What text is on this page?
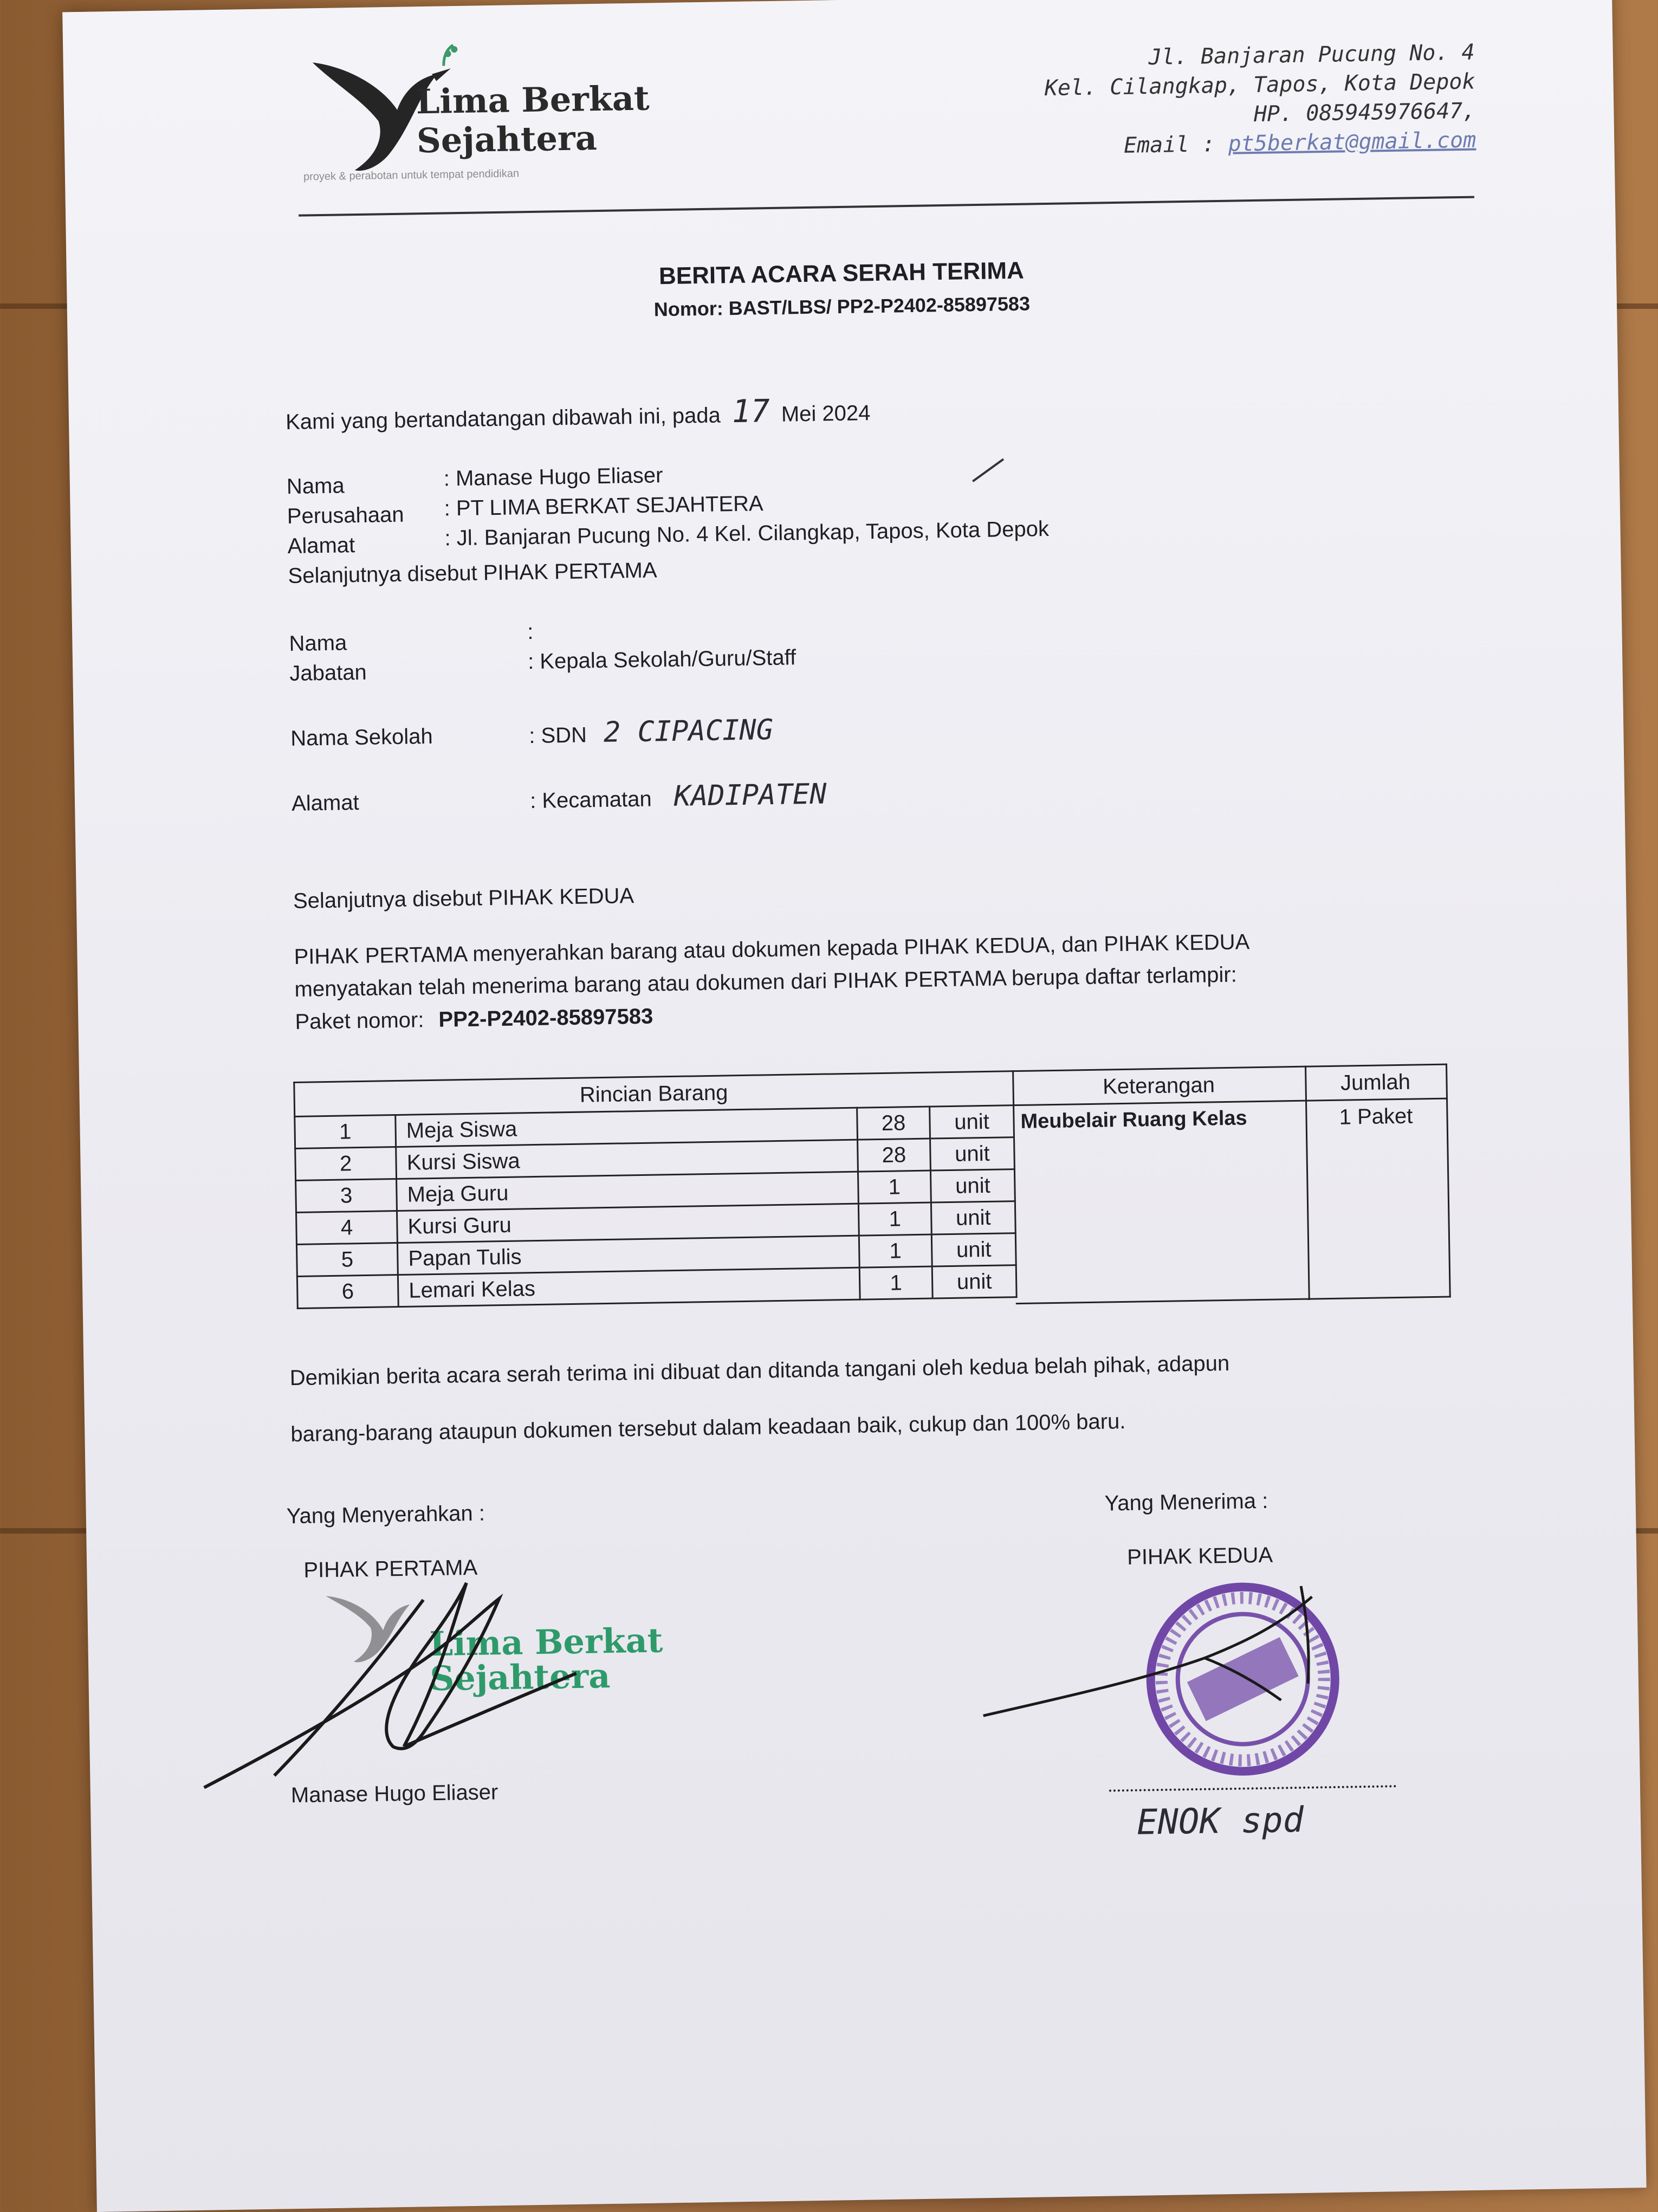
Lima Berkat
Sejahtera
proyek & perabotan untuk tempat pendidikan
Jl. Banjaran Pucung No. 4
Kel. Cilangkap, Tapos, Kota Depok
HP. 085945976647,
Email : pt5berkat@gmail.com
BERITA ACARA SERAH TERIMA
Nomor: BAST/LBS/ PP2-P2402-85897583
Kami yang bertandatangan dibawah ini, pada 17 Mei 2024
Nama	: Manase Hugo Eliaser
Perusahaan : PT LIMA BERKAT SEJAHTERA
Alamat	: Jl. Banjaran Pucung No. 4 Kel. Cilangkap, Tapos, Kota Depok
Selanjutnya disebut PIHAK PERTAMA
Nama	:
Jabatan	: Kepala Sekolah/Guru/Staff
Nama Sekolah	: SDN 2 CIPACING
Alamat	: Kecamatan KADIPATEN
Selanjutnya disebut PIHAK KEDUA
PIHAK PERTAMA menyerahkan barang atau dokumen kepada PIHAK KEDUA, dan PIHAK KEDUA
menyatakan telah menerima barang atau dokumen dari PIHAK PERTAMA berupa daftar terlampir:
Paket nomor: PP2-P2402-85897583
Rincian Barang			
1	Meja Siswa	28	unit
2	Kursi Siswa	28	unit
3	Meja Guru	1	unit
4	Kursi Guru	1	unit
5	Papan Tulis	1	unit
6	Lemari Kelas	1	unit
Keterangan
Meubelair Ruang Kelas
Jumlah
1 Paket
Demikian berita acara serah terima ini dibuat dan ditanda tangani oleh kedua belah pihak, adapun
barang-barang ataupun dokumen tersebut dalam keadaan baik, cukup dan 100% baru.
Yang Menyerahkan :
PIHAK PERTAMA
Lima Berkat
Sejahtera
Manase Hugo Eliaser
Yang Menerima :
PIHAK KEDUA
ENOK spd
